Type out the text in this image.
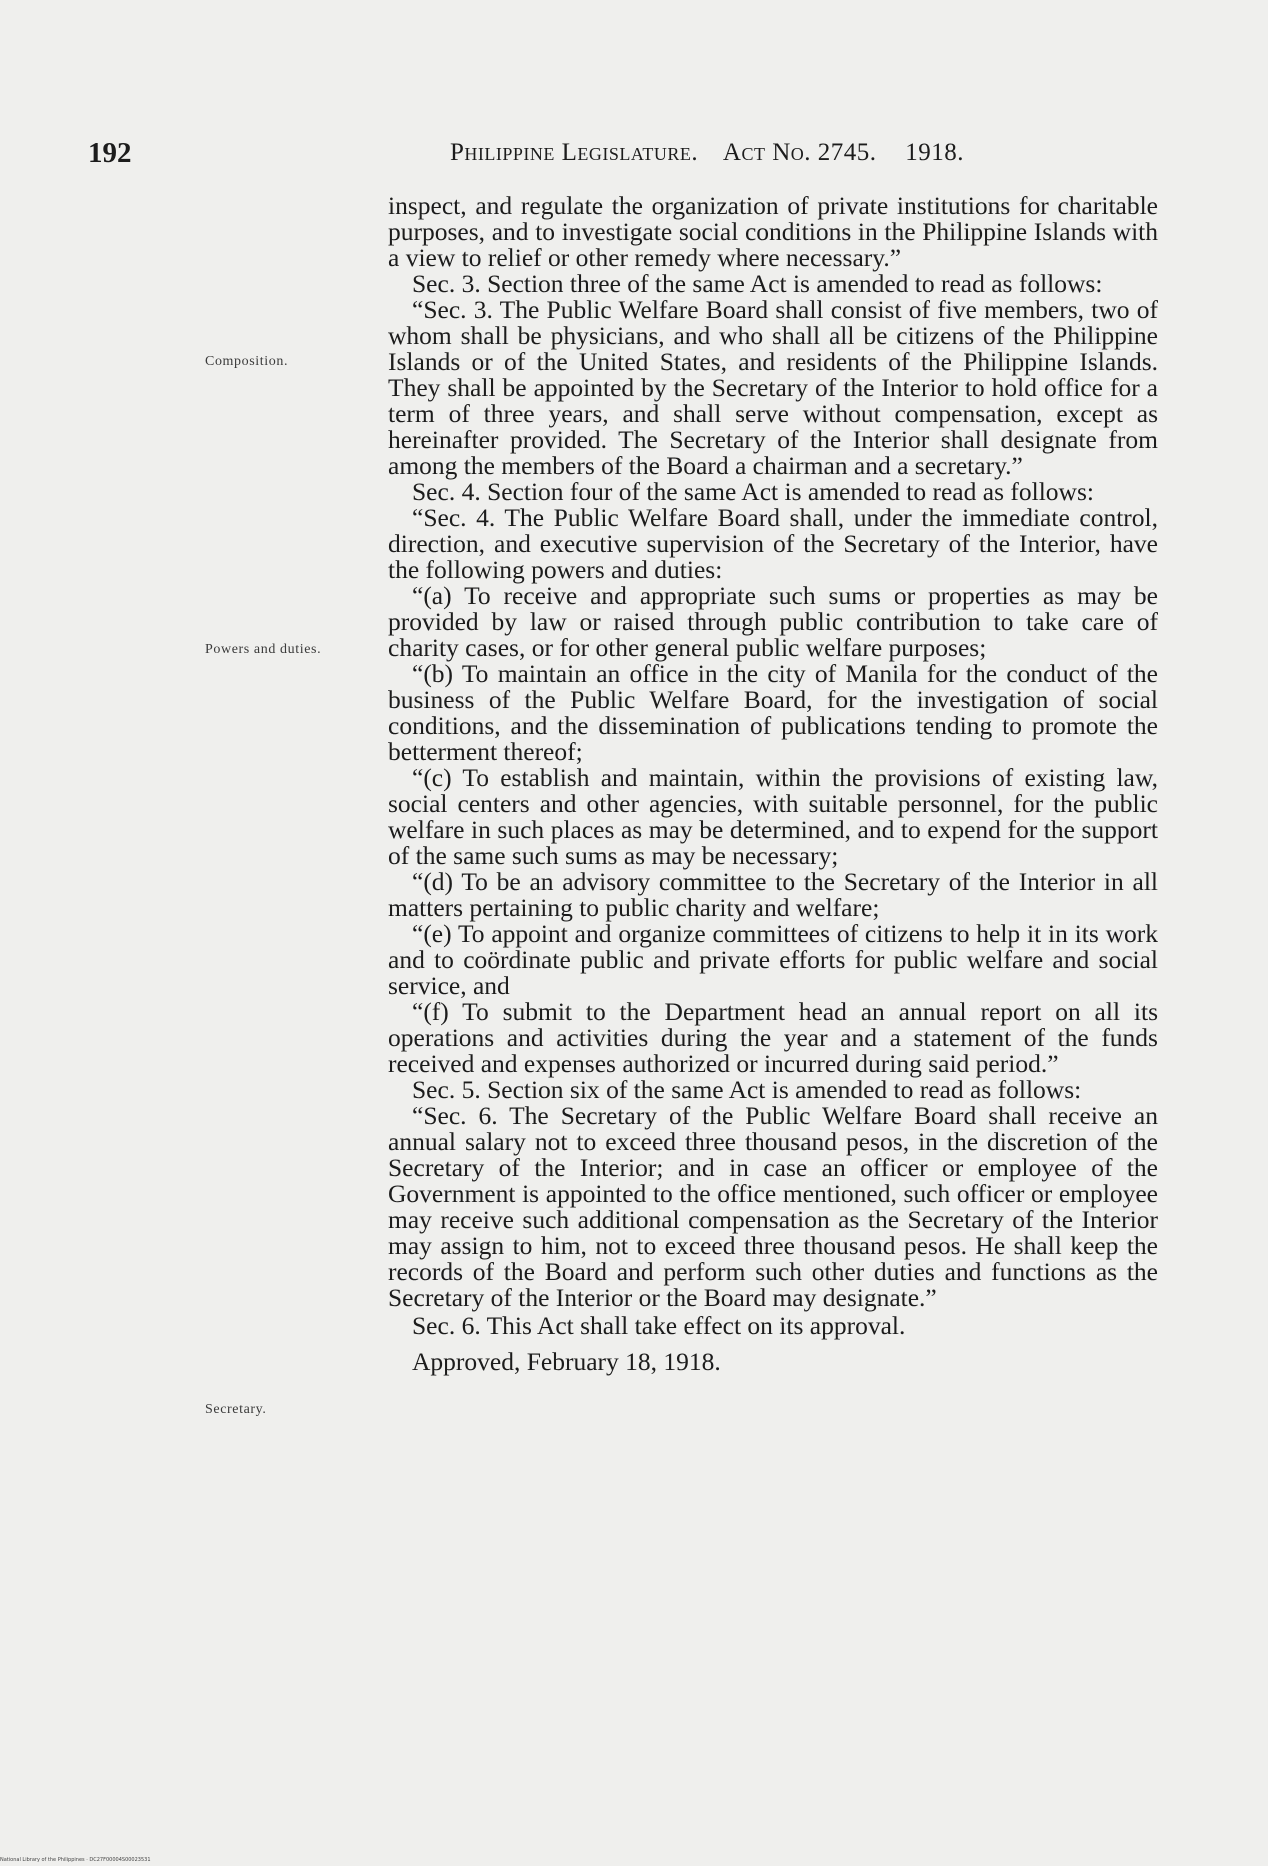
192	Philippine Legislature. Act No. 2745. 1918.
Composition.
Powers and duties.
Secretary.

inspect, and regulate the organization of private institutions for charitable purposes, and to investigate social conditions in the Philippine Islands with a view to relief or other remedy where necessary.”

Sec. 3. Section three of the same Act is amended to read as follows:

“Sec. 3. The Public Welfare Board shall consist of five members, two of whom shall be physicians, and who shall all be citizens of the Philippine Islands or of the United States, and residents of the Philippine Islands. They shall be appointed by the Secretary of the Interior to hold office for a term of three years, and shall serve without compensation, except as hereinafter provided. The Secretary of the Interior shall designate from among the members of the Board a chairman and a secretary.”

Sec. 4. Section four of the same Act is amended to read as follows:

“Sec. 4. The Public Welfare Board shall, under the immediate control, direction, and executive supervision of the Secretary of the Interior, have the following powers and duties:

“(a) To receive and appropriate such sums or properties as may be provided by law or raised through public contribution to take care of charity cases, or for other general public welfare purposes;

“(b) To maintain an office in the city of Manila for the conduct of the business of the Public Welfare Board, for the investigation of social conditions, and the dissemination of publications tending to promote the betterment thereof;

“(c) To establish and maintain, within the provisions of existing law, social centers and other agencies, with suitable personnel, for the public welfare in such places as may be determined, and to expend for the support of the same such sums as may be necessary;

“(d) To be an advisory committee to the Secretary of the Interior in all matters pertaining to public charity and welfare;

“(e) To appoint and organize committees of citizens to help it in its work and to coördinate public and private efforts for public welfare and social service, and

“(f) To submit to the Department head an annual report on all its operations and activities during the year and a statement of the funds received and expenses authorized or incurred during said period.”

Sec. 5. Section six of the same Act is amended to read as follows:

“Sec. 6. The Secretary of the Public Welfare Board shall receive an annual salary not to exceed three thousand pesos, in the discretion of the Secretary of the Interior; and in case an officer or employee of the Government is appointed to the office mentioned, such officer or employee may receive such additional compensation as the Secretary of the Interior may assign to him, not to exceed three thousand pesos. He shall keep the records of the Board and perform such other duties and functions as the Secretary of the Interior or the Board may designate.”

Sec. 6. This Act shall take effect on its approval.

Approved, February 18, 1918.

National Library of the Philippines · DC27F00004S00023531
